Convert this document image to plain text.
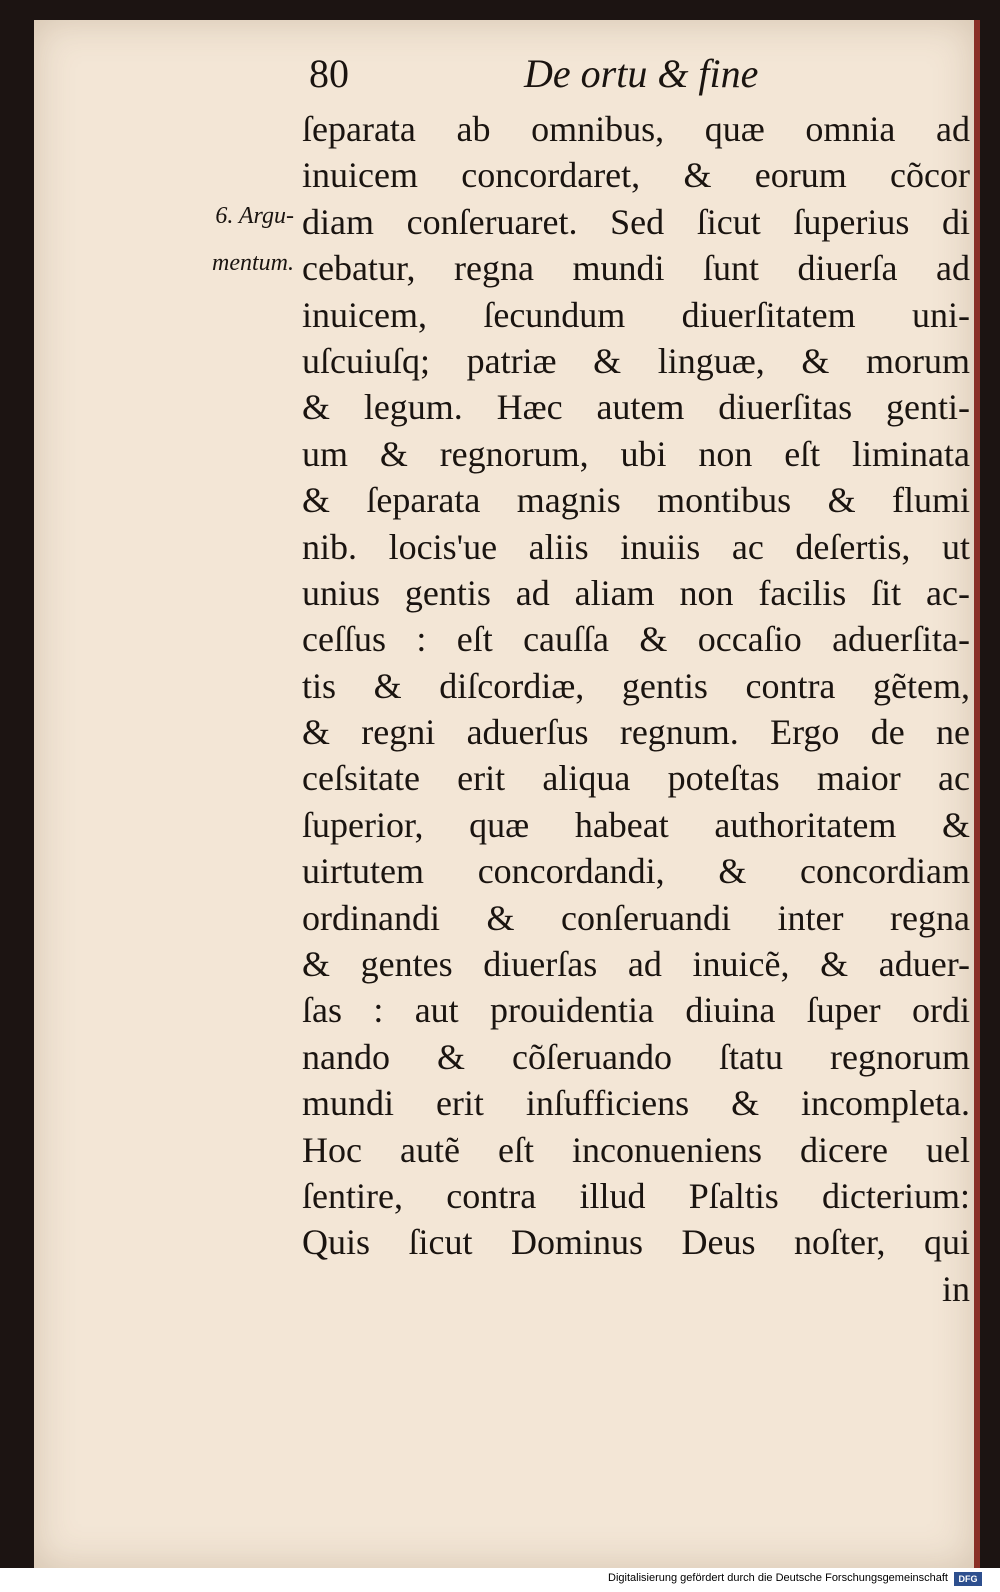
80	De ortu & fine
6. Argu-
mentum.
ſeparata ab omnibus, quæ omnia ad
inuicem concordaret, & eorum cõcor
diam conſeruaret. Sed ſicut ſuperius di
cebatur, regna mundi ſunt diuerſa ad
inuicem, ſecundum diuerſitatem uni-
uſcuiuſq; patriæ & linguæ, & morum
& legum. Hæc autem diuerſitas genti-
um & regnorum, ubi non eſt liminata
& ſeparata magnis montibus & flumi
nib. locis'ue aliis inuiis ac deſertis, ut
unius gentis ad aliam non facilis ſit ac-
ceſſus : eſt cauſſa & occaſio aduerſita-
tis & diſcordiæ, gentis contra gẽtem,
& regni aduerſus regnum. Ergo de ne
ceſsitate erit aliqua poteſtas maior ac
ſuperior, quæ habeat authoritatem &
uirtutem concordandi, & concordiam
ordinandi & conſeruandi inter regna
& gentes diuerſas ad inuicẽ, & aduer-
ſas : aut prouidentia diuina ſuper ordi
nando & cõſeruando ſtatu regnorum
mundi erit inſufficiens & incompleta.
Hoc autẽ eſt inconueniens dicere uel
ſentire, contra illud Pſaltis dicterium:
Quis ſicut Dominus Deus noſter, qui
in
Digitalisierung gefördert durch die Deutsche Forschungsgemeinschaft	DFG
